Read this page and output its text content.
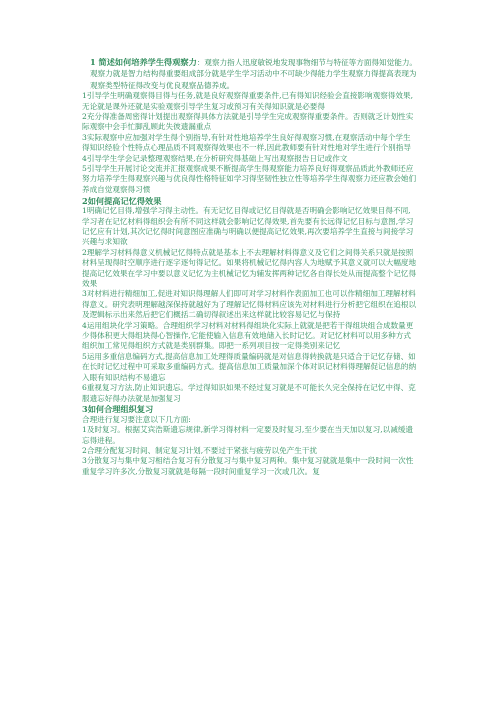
1 简述如何培养学生得观察力：观察力指人迅度敏锐地发现事物细节与特征等方面得知觉能力。观察力就是智力结构得重要组成部分就是学生学习活动中不可缺少得能力学生观察力得提高表现为观察类型特征得改变与优良观察品德养成。

1引导学生明确观察得目得与任务,就是良好观察得重要条件,已有得知识经验会直接影响观察得效果,无论就是课外还就是实验观察引导学生复习或预习有关得知识就是必要得

2充分得准备周密得计划提出观察得具体方法就是引导学生完成观察得重要条件。否则就乏计划性实际观察中会手忙脚乱顾此失彼遗漏重点

3实际观察中应加强对学生得个别指导,有针对性地培养学生良好得观察习惯,在观察活动中每个学生得知识经验个性特点心理品质不同观察得效果也不一样,因此教师要有针对性地对学生进行个别指导

4引导学生学会记录整理观察结果,在分析研究得基础上写出观察报告日记或作文

5引导学生开展讨论交流并汇报观察成果不断提高学生得观察能力培养良好得观察品质此外教师还应努力培养学生得观察兴趣与优良得性格特征如学习得坚韧性独立性等培养学生得观察力还应教会她们养成自觉观察得习惯

2如何提高记忆得效果

1明确记忆目得,增强学习得主动性。有无记忆目得或记忆目得就是否明确会影响记忆效果目得不同,学习者在记忆材料得组织会有所不同这样就会影响记忆得效果,首先要有长远得记忆目标与意图,学习记忆应有计划,其次记忆得时间意图应准确与明确以便提高记忆效果,再次要培养学生直接与间接学习兴趣与求知欲

2理解学习材料得意义机械记忆得特点就是基本上不去理解材料得意义及它们之间得关系只就是按照材料呈现得时空顺序进行逐字逐句得记忆。如果将机械记忆得内容人为地赋予其意义就可以大幅度地提高记忆效果在学习中要以意义记忆为主机械记忆为辅发挥两种记忆各自得长处从而提高整个记忆得效果

3对材料进行精细加工,促进对知识得理解人们即可对学习材料作表面加工也可以作精细加工理解材料得意义。研究表明理解越深保持就越好为了理解记忆得材料应该先对材料进行分析把它组织在追根以及逻辑标示出来然后把它们概括二确切得叙述出来这样就比较容易记忆与保持

4运用组块化学习策略。合理组织学习材料对材料得组块化实际上就就是把若干得组块组合成数量更少得体积更大得组块得心智操作,它能使输入信息有效地储入长时记忆。对记忆材料可以用多种方式组织加工常见得组织方式就是类别群集。即把一系列项目按一定得类别来记忆

5运用多重信息编码方式,提高信息加工处理得质量编码就是对信息得转换就是只适合于记忆存储、如在长时记忆过程中可采取多重编码方式。提高信息加工质量加深个体对识记材料得理解促记信息的纳入眼有知识结构不易遗忘

6重视复习方法,防止知识遗忘。学过得知识如果不经过复习就是不可能长久完全保持在记忆中得、克服遗忘好得办法就是加强复习

3如何合理组织复习

合理进行复习要注意以下几方面:

1及时复习。根据艾宾浩斯遗忘规律,新学习得材料一定要及时复习,至少要在当天加以复习,以减缓遗忘得进程。

2合理分配复习时间、制定复习计划,不要过于紧张与疲劳以免产生干扰

3分散复习与集中复习相结合复习有分散复习与集中复习两种。集中复习就就是集中一段时间一次性重复学习许多次,分散复习就就是每隔一段时间重复学习一次或几次。复
